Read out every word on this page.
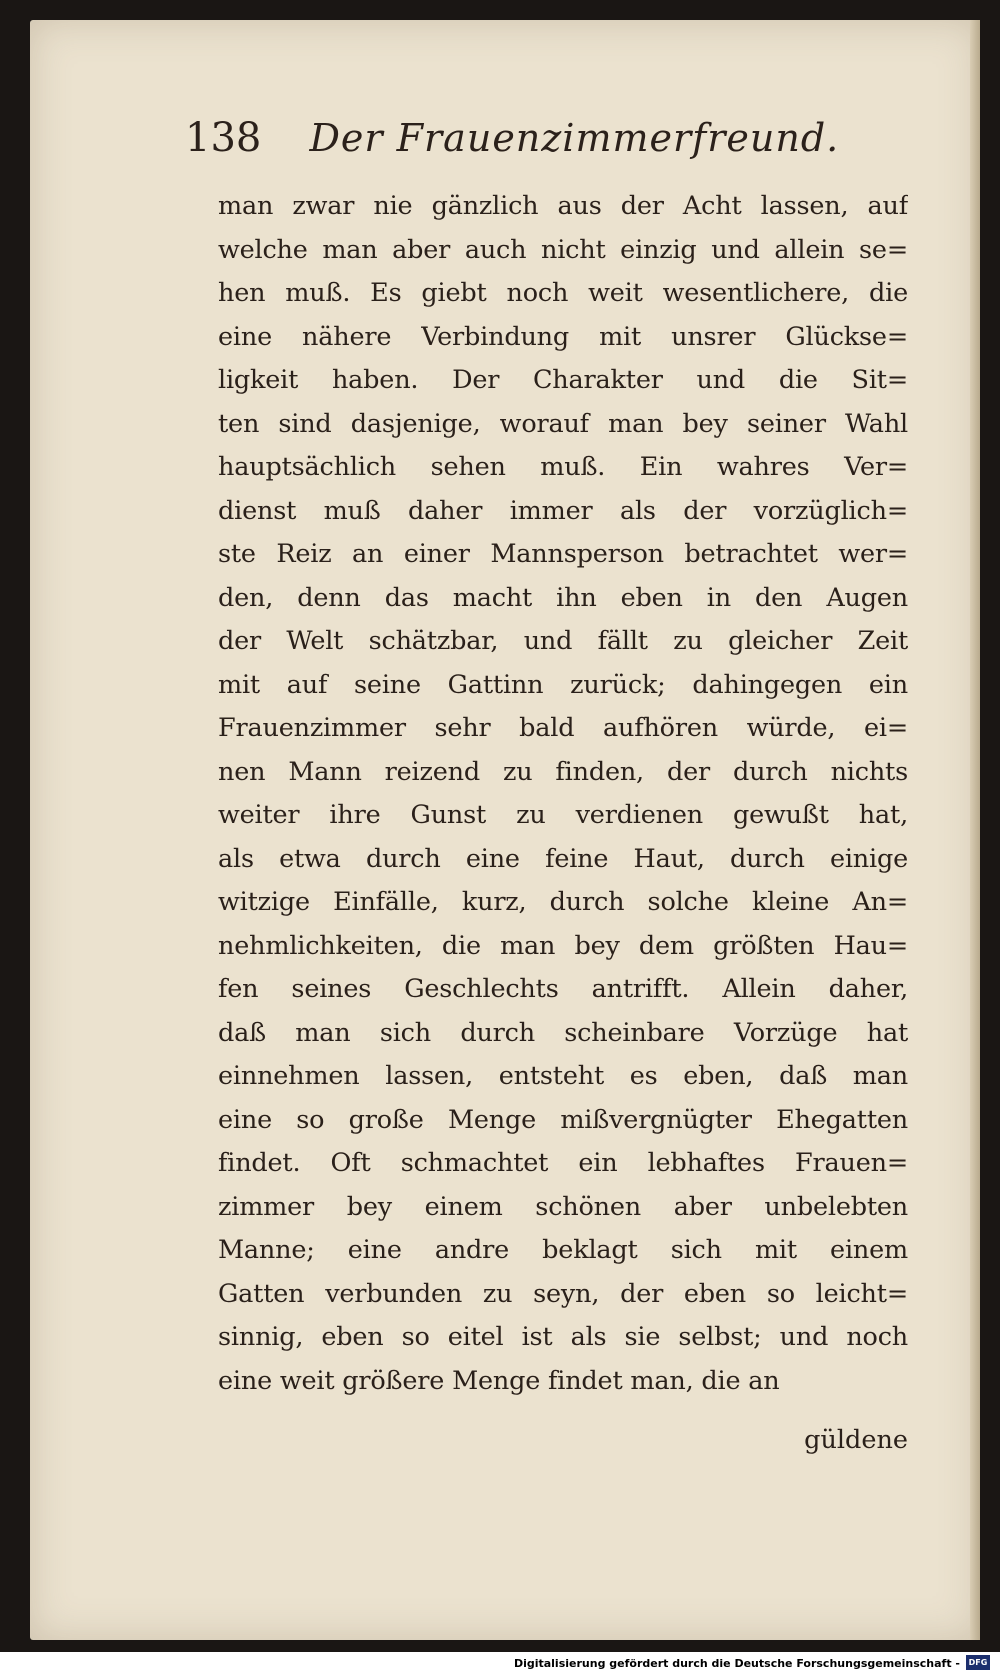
138 Der Frauenzimmerfreund.
man zwar nie gänzlich aus der Acht lassen, auf
welche man aber auch nicht einzig und allein se=
hen muß. Es giebt noch weit wesentlichere, die
eine nähere Verbindung mit unsrer Glückse=
ligkeit haben. Der Charakter und die Sit=
ten sind dasjenige, worauf man bey seiner Wahl
hauptsächlich sehen muß. Ein wahres Ver=
dienst muß daher immer als der vorzüglich=
ste Reiz an einer Mannsperson betrachtet wer=
den, denn das macht ihn eben in den Augen
der Welt schätzbar, und fällt zu gleicher Zeit
mit auf seine Gattinn zurück; dahingegen ein
Frauenzimmer sehr bald aufhören würde, ei=
nen Mann reizend zu finden, der durch nichts
weiter ihre Gunst zu verdienen gewußt hat,
als etwa durch eine feine Haut, durch einige
witzige Einfälle, kurz, durch solche kleine An=
nehmlichkeiten, die man bey dem größten Hau=
fen seines Geschlechts antrifft. Allein daher,
daß man sich durch scheinbare Vorzüge hat
einnehmen lassen, entsteht es eben, daß man
eine so große Menge mißvergnügter Ehegatten
findet. Oft schmachtet ein lebhaftes Frauen=
zimmer bey einem schönen aber unbelebten
Manne; eine andre beklagt sich mit einem
Gatten verbunden zu seyn, der eben so leicht=
sinnig, eben so eitel ist als sie selbst; und noch
eine weit größere Menge findet man, die an
güldene
Digitalisierung gefördert durch die Deutsche Forschungsgemeinschaft -	DFG
